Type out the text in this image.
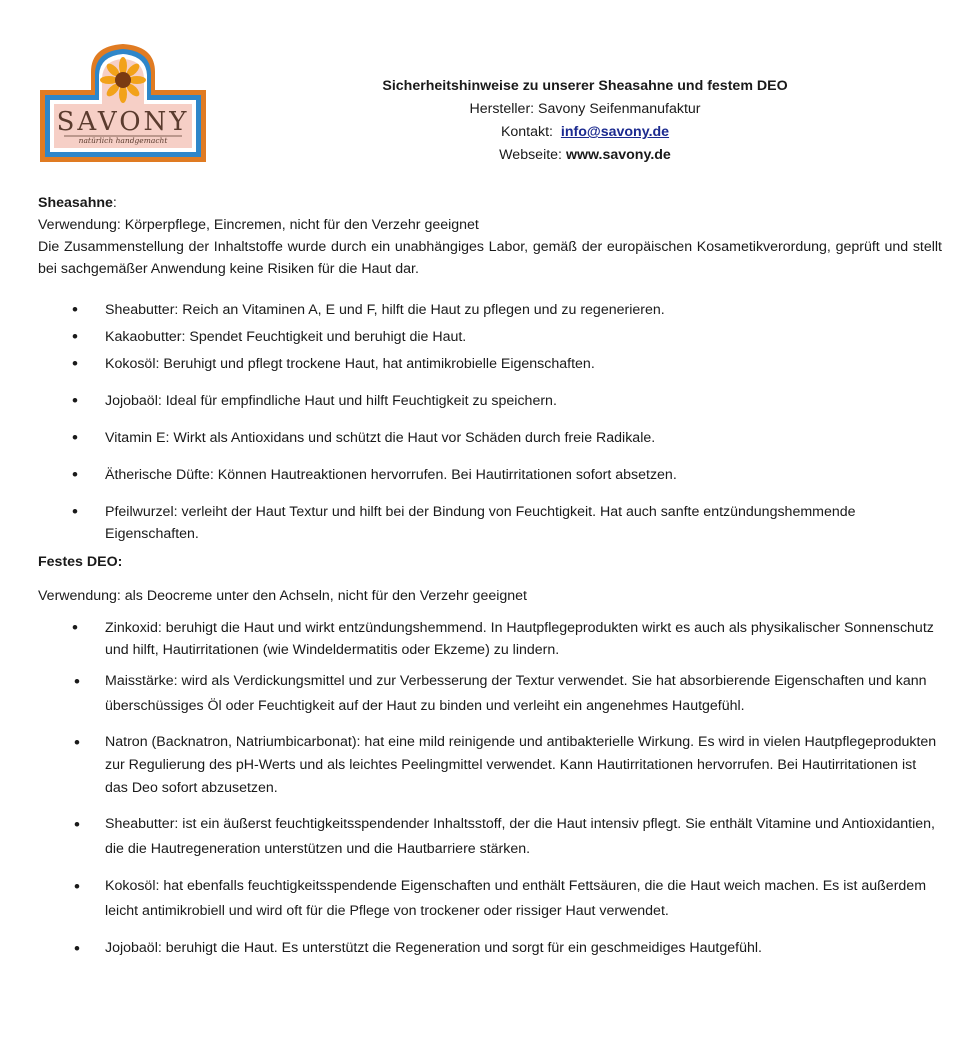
SAVONY
natürlich handgemacht
Sicherheitshinweise zu unserer Sheasahne und festem DEO
Hersteller: Savony Seifenmanufaktur
Kontakt: info@savony.de
Webseite: www.savony.de

Sheasahne:

Verwendung: Körperpflege, Eincremen, nicht für den Verzehr geeignet

Die Zusammenstellung der Inhaltstoffe wurde durch ein unabhängiges Labor, gemäß der europäischen Kosametikverordung, geprüft und stellt bei sachgemäßer Anwendung keine Risiken für die Haut dar.

• Sheabutter: Reich an Vitaminen A, E und F, hilft die Haut zu pflegen und zu regenerieren.
• Kakaobutter: Spendet Feuchtigkeit und beruhigt die Haut.
• Kokosöl: Beruhigt und pflegt trockene Haut, hat antimikrobielle Eigenschaften.
• Jojobaöl: Ideal für empfindliche Haut und hilft Feuchtigkeit zu speichern.
• Vitamin E: Wirkt als Antioxidans und schützt die Haut vor Schäden durch freie Radikale.
• Ätherische Düfte: Können Hautreaktionen hervorrufen. Bei Hautirritationen sofort absetzen.
• Pfeilwurzel: verleiht der Haut Textur und hilft bei der Bindung von Feuchtigkeit. Hat auch sanfte entzündungshemmende Eigenschaften.

Festes DEO:

Verwendung: als Deocreme unter den Achseln, nicht für den Verzehr geeignet

• Zinkoxid: beruhigt die Haut und wirkt entzündungshemmend. In Hautpflegeprodukten wirkt es auch als physikalischer Sonnenschutz und hilft, Hautirritationen (wie Windeldermatitis oder Ekzeme) zu lindern.
• Maisstärke: wird als Verdickungsmittel und zur Verbesserung der Textur verwendet. Sie hat absorbierende Eigenschaften und kann überschüssiges Öl oder Feuchtigkeit auf der Haut zu binden und verleiht ein angenehmes Hautgefühl.
• Natron (Backnatron, Natriumbicarbonat): hat eine mild reinigende und antibakterielle Wirkung. Es wird in vielen Hautpflegeprodukten zur Regulierung des pH-Werts und als leichtes Peelingmittel verwendet. Kann Hautirritationen hervorrufen. Bei Hautirritationen ist das Deo sofort abzusetzen.
• Sheabutter: ist ein äußerst feuchtigkeitsspendender Inhaltsstoff, der die Haut intensiv pflegt. Sie enthält Vitamine und Antioxidantien, die die Hautregeneration unterstützen und die Hautbarriere stärken.
• Kokosöl: hat ebenfalls feuchtigkeitsspendende Eigenschaften und enthält Fettsäuren, die die Haut weich machen. Es ist außerdem leicht antimikrobiell und wird oft für die Pflege von trockener oder rissiger Haut verwendet.
• Jojobaöl: beruhigt die Haut. Es unterstützt die Regeneration und sorgt für ein geschmeidiges Hautgefühl.
